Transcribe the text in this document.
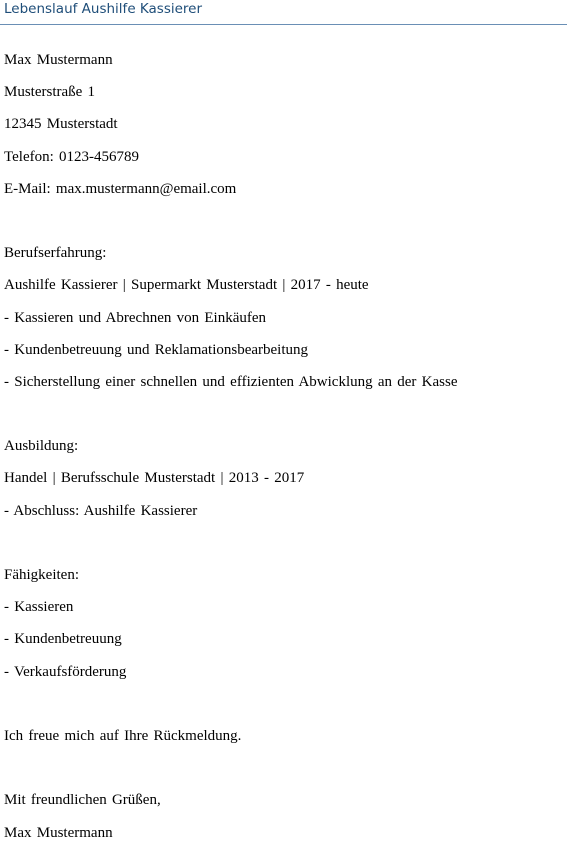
Lebenslauf Aushilfe Kassierer
Max Mustermann
Musterstraße 1
12345 Musterstadt
Telefon: 0123-456789
E-Mail: max.mustermann@email.com
Berufserfahrung:
Aushilfe Kassierer | Supermarkt Musterstadt | 2017 - heute
- Kassieren und Abrechnen von Einkäufen
- Kundenbetreuung und Reklamationsbearbeitung
- Sicherstellung einer schnellen und effizienten Abwicklung an der Kasse
Ausbildung:
Handel | Berufsschule Musterstadt | 2013 - 2017
- Abschluss: Aushilfe Kassierer
Fähigkeiten:
- Kassieren
- Kundenbetreuung
- Verkaufsförderung
Ich freue mich auf Ihre Rückmeldung.
Mit freundlichen Grüßen,
Max Mustermann
